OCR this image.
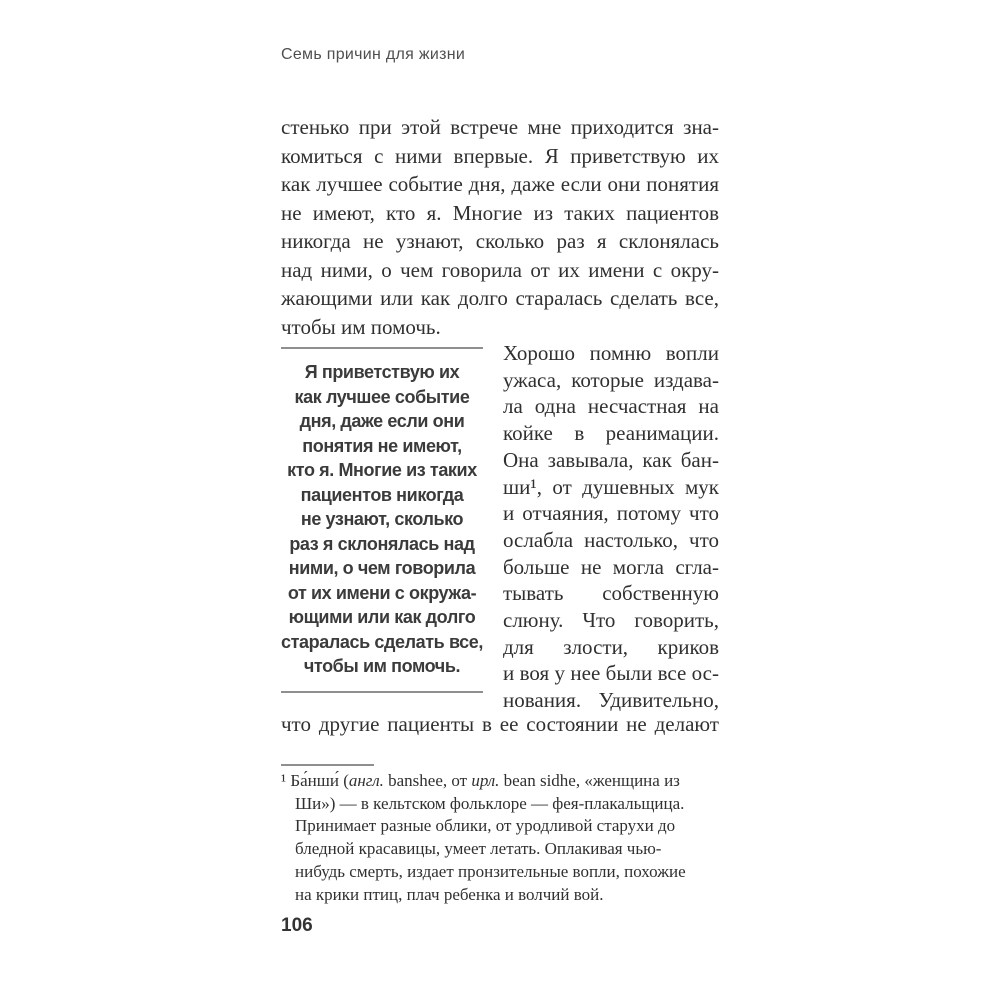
Семь причин для жизни
стенько при этой встрече мне приходится зна-
комиться с ними впервые. Я приветствую их
как лучшее событие дня, даже если они понятия
не имеют, кто я. Многие из таких пациентов
никогда не узнают, сколько раз я склонялась
над ними, о чем говорила от их имени с окру-
жающими или как долго старалась сделать все,
чтобы им помочь.
Я приветствую их
как лучшее событие
дня, даже если они
понятия не имеют,
кто я. Многие из таких
пациентов никогда
не узнают, сколько
раз я склонялась над
ними, о чем говорила
от их имени с окружа-
ющими или как долго
старалась сделать все,
чтобы им помочь.
Хорошо помню вопли
ужаса, которые издава-
ла одна несчастная на
койке в реанимации.
Она завывала, как бан-
ши¹, от душевных мук
и отчаяния, потому что
ослабла настолько, что
больше не могла сгла-
тывать собственную
слюну. Что говорить,
для злости, криков
и воя у нее были все ос-
нования. Удивительно,
что другие пациенты в ее состоянии не делают
¹ Ба́нши́ (англ. banshee, от ирл. bean sidhe, «женщина из
Ши») — в кельтском фольклоре — фея-плакальщица.
Принимает разные облики, от уродливой старухи до
бледной красавицы, умеет летать. Оплакивая чью-
нибудь смерть, издает пронзительные вопли, похожие
на крики птиц, плач ребенка и волчий вой.
106
